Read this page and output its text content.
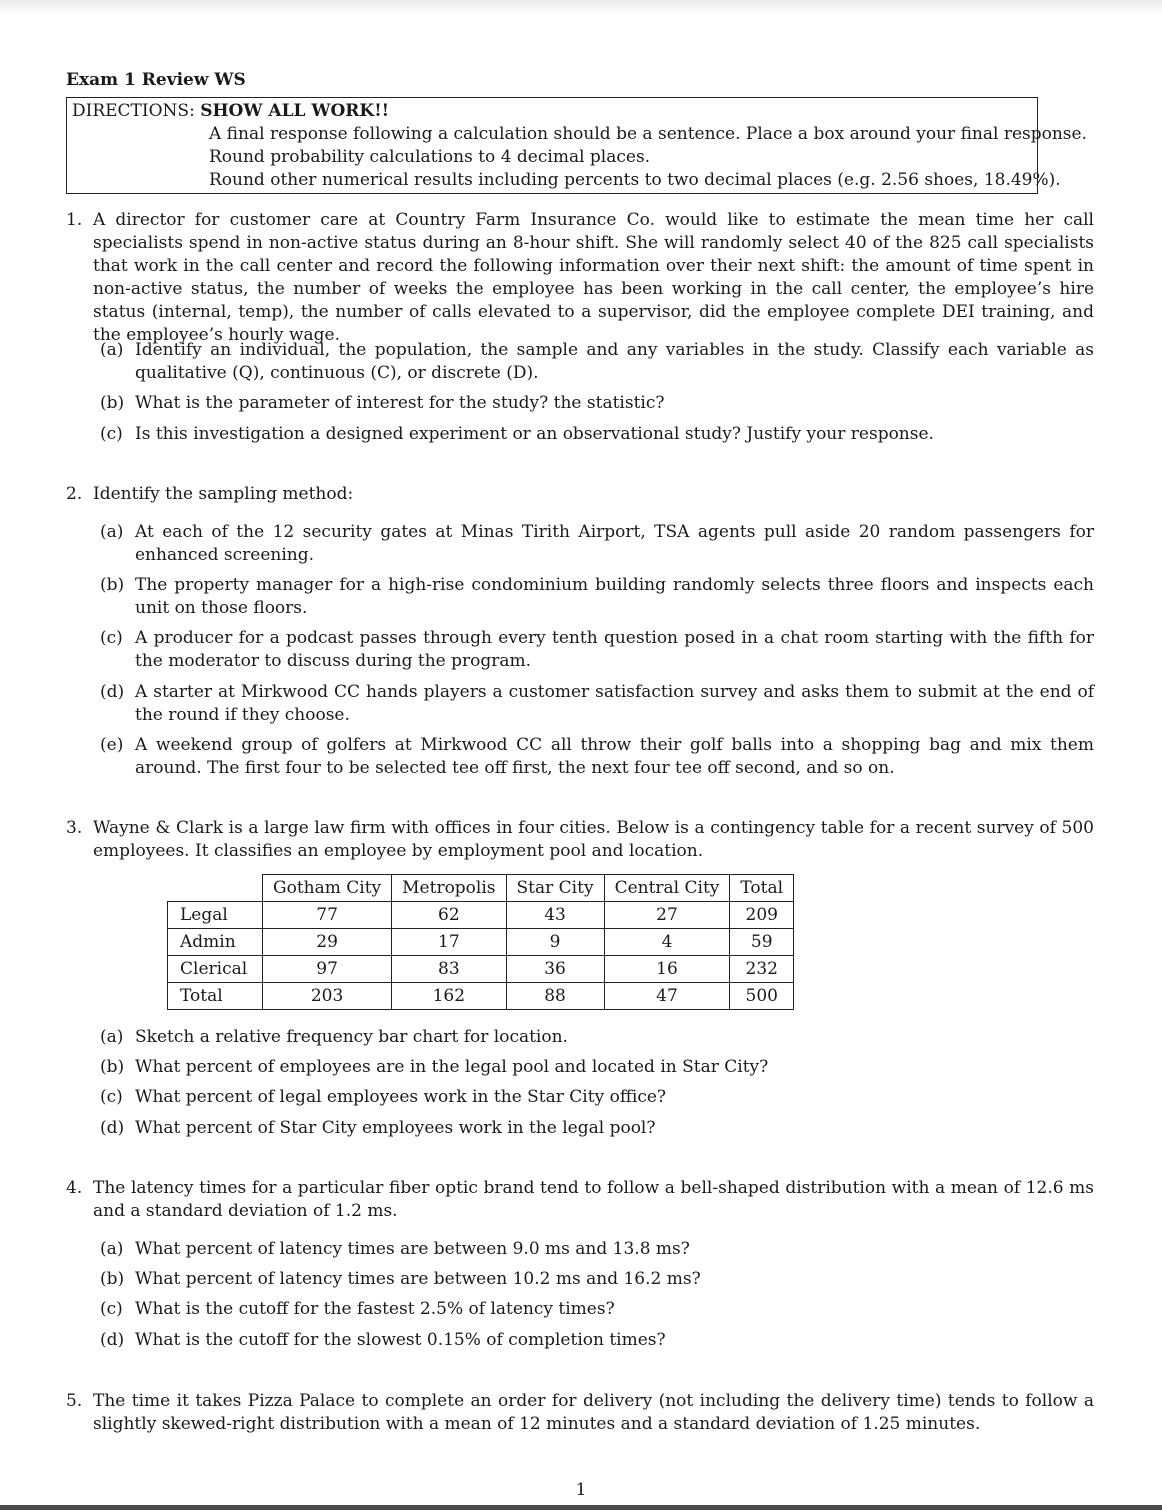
Exam 1 Review WS
DIRECTIONS: SHOW ALL WORK!!
A final response following a calculation should be a sentence. Place a box around your final response.
Round probability calculations to 4 decimal places.
Round other numerical results including percents to two decimal places (e.g. 2.56 shoes, 18.49%).
1. A director for customer care at Country Farm Insurance Co. would like to estimate the mean time her call specialists spend in non-active status during an 8-hour shift. She will randomly select 40 of the 825 call specialists that work in the call center and record the following information over their next shift: the amount of time spent in non-active status, the number of weeks the employee has been working in the call center, the employee’s hire status (internal, temp), the number of calls elevated to a supervisor, did the employee complete DEI training, and the employee’s hourly wage.
(a) Identify an individual, the population, the sample and any variables in the study. Classify each variable as qualitative (Q), continuous (C), or discrete (D).
(b) What is the parameter of interest for the study? the statistic?
(c) Is this investigation a designed experiment or an observational study? Justify your response.
2. Identify the sampling method:
(a) At each of the 12 security gates at Minas Tirith Airport, TSA agents pull aside 20 random passengers for enhanced screening.
(b) The property manager for a high-rise condominium building randomly selects three floors and inspects each unit on those floors.
(c) A producer for a podcast passes through every tenth question posed in a chat room starting with the fifth for the moderator to discuss during the program.
(d) A starter at Mirkwood CC hands players a customer satisfaction survey and asks them to submit at the end of the round if they choose.
(e) A weekend group of golfers at Mirkwood CC all throw their golf balls into a shopping bag and mix them around. The first four to be selected tee off first, the next four tee off second, and so on.
3. Wayne & Clark is a large law firm with offices in four cities. Below is a contingency table for a recent survey of 500 employees. It classifies an employee by employment pool and location.
	Gotham City	Metropolis	Star City	Central City	Total
Legal	77	62	43	27	209
Admin	29	17	9	4	59
Clerical	97	83	36	16	232
Total	203	162	88	47	500
(a) Sketch a relative frequency bar chart for location.
(b) What percent of employees are in the legal pool and located in Star City?
(c) What percent of legal employees work in the Star City office?
(d) What percent of Star City employees work in the legal pool?
4. The latency times for a particular fiber optic brand tend to follow a bell-shaped distribution with a mean of 12.6 ms and a standard deviation of 1.2 ms.
(a) What percent of latency times are between 9.0 ms and 13.8 ms?
(b) What percent of latency times are between 10.2 ms and 16.2 ms?
(c) What is the cutoff for the fastest 2.5% of latency times?
(d) What is the cutoff for the slowest 0.15% of completion times?
5. The time it takes Pizza Palace to complete an order for delivery (not including the delivery time) tends to follow a slightly skewed-right distribution with a mean of 12 minutes and a standard deviation of 1.25 minutes.
1
